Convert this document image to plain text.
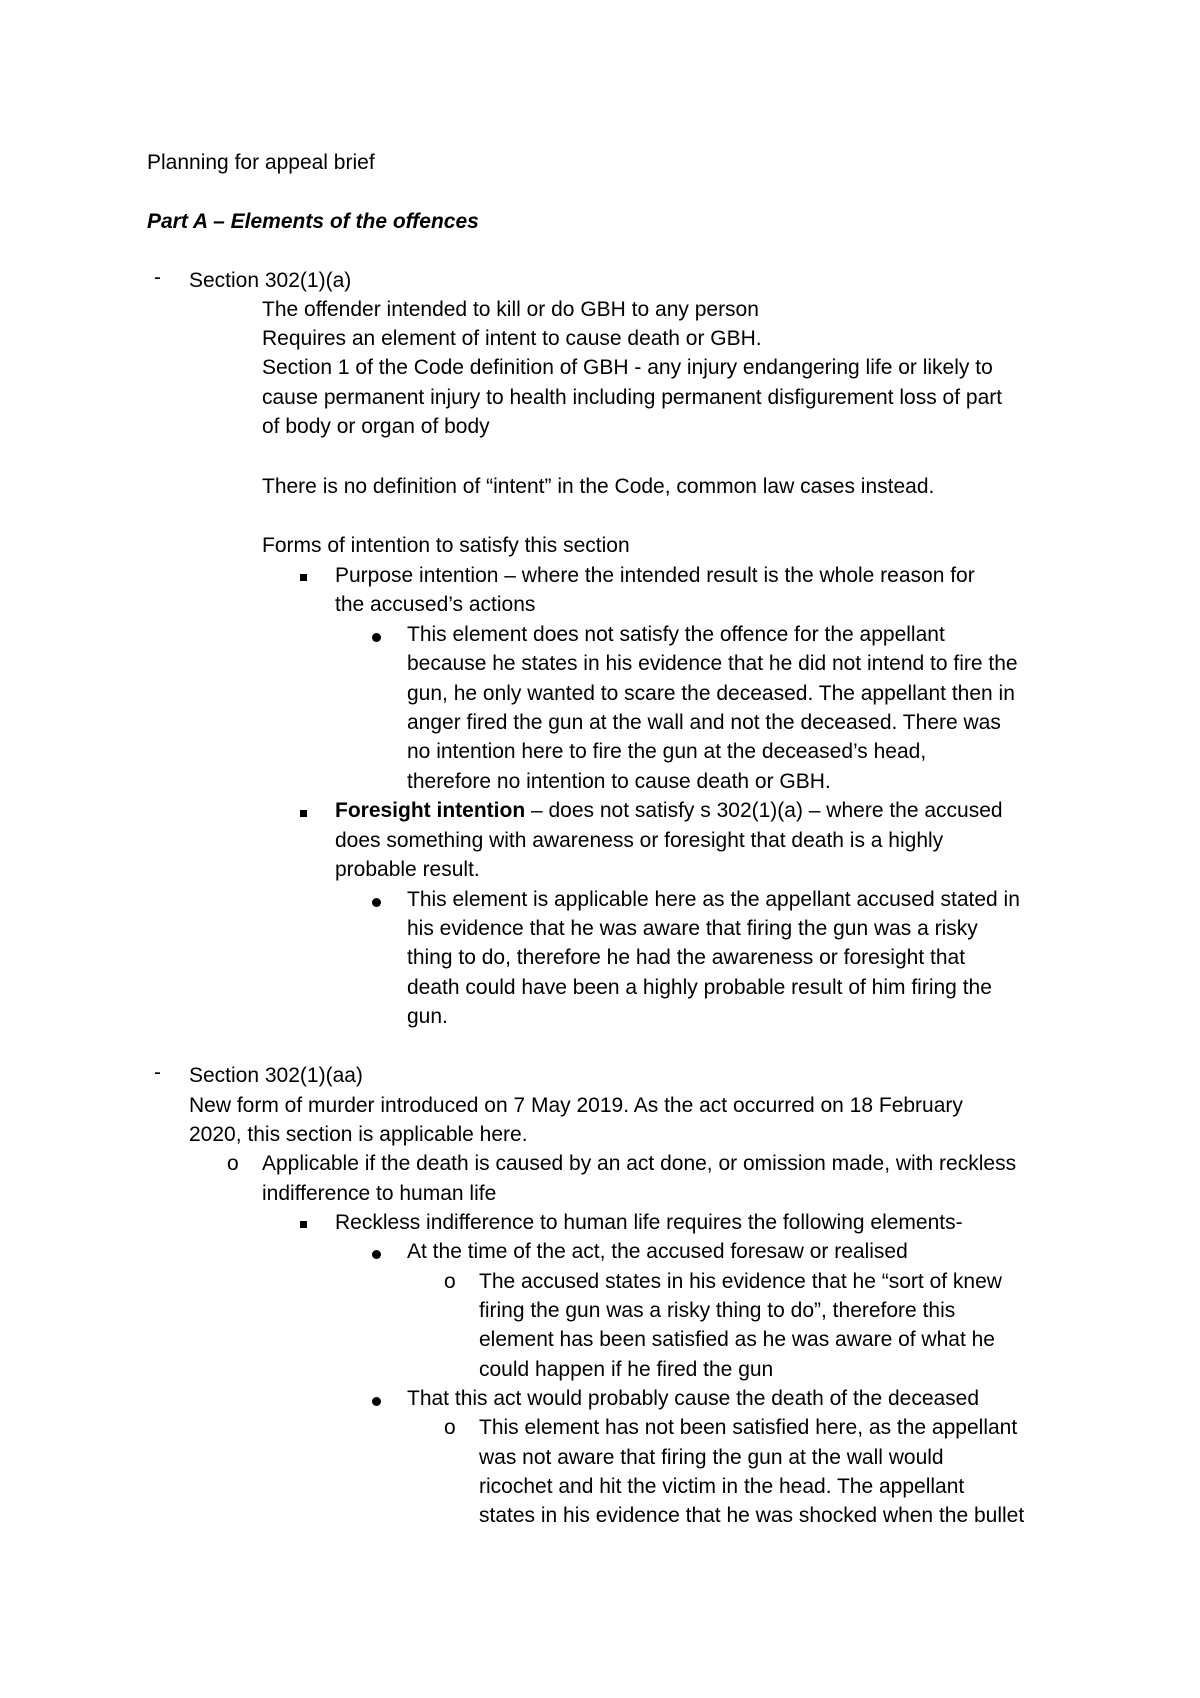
Planning for appeal brief
Part A – Elements of the offences
- Section 302(1)(a)
The offender intended to kill or do GBH to any person
Requires an element of intent to cause death or GBH.
Section 1 of the Code definition of GBH - any injury endangering life or likely to
cause permanent injury to health including permanent disfigurement loss of part
of body or organ of body
There is no definition of “intent” in the Code, common law cases instead.
Forms of intention to satisfy this section
Purpose intention – where the intended result is the whole reason for
the accused’s actions
This element does not satisfy the offence for the appellant
because he states in his evidence that he did not intend to fire the
gun, he only wanted to scare the deceased. The appellant then in
anger fired the gun at the wall and not the deceased. There was
no intention here to fire the gun at the deceased’s head,
therefore no intention to cause death or GBH.
Foresight intention – does not satisfy s 302(1)(a) – where the accused
does something with awareness or foresight that death is a highly
probable result.
This element is applicable here as the appellant accused stated in
his evidence that he was aware that firing the gun was a risky
thing to do, therefore he had the awareness or foresight that
death could have been a highly probable result of him firing the
gun.
- Section 302(1)(aa)
New form of murder introduced on 7 May 2019. As the act occurred on 18 February
2020, this section is applicable here.
o Applicable if the death is caused by an act done, or omission made, with reckless
indifference to human life
Reckless indifference to human life requires the following elements-
At the time of the act, the accused foresaw or realised
o The accused states in his evidence that he “sort of knew
firing the gun was a risky thing to do”, therefore this
element has been satisfied as he was aware of what he
could happen if he fired the gun
That this act would probably cause the death of the deceased
o This element has not been satisfied here, as the appellant
was not aware that firing the gun at the wall would
ricochet and hit the victim in the head. The appellant
states in his evidence that he was shocked when the bullet
